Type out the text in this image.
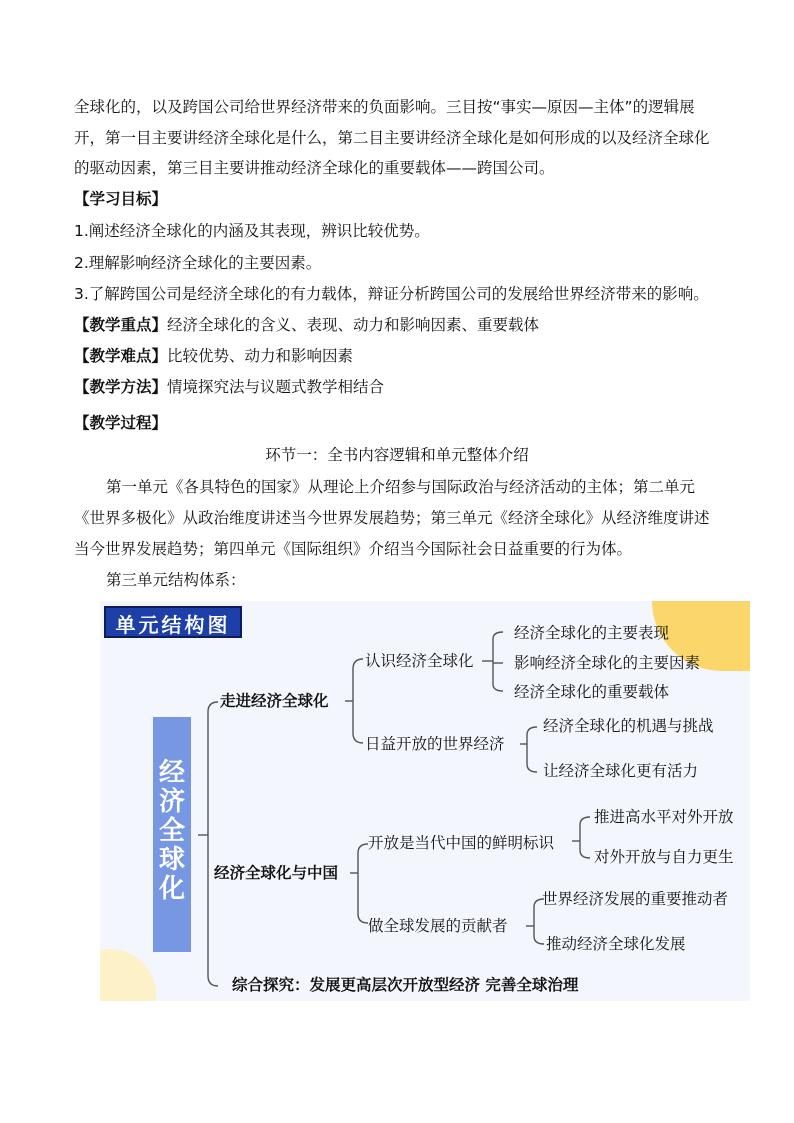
全球化的，以及跨国公司给世界经济带来的负面影响。三目按“事实—原因—主体”的逻辑展
开，第一目主要讲经济全球化是什么，第二目主要讲经济全球化是如何形成的以及经济全球化
的驱动因素，第三目主要讲推动经济全球化的重要载体——跨国公司。
【学习目标】
1.阐述经济全球化的内涵及其表现，辨识比较优势。
2.理解影响经济全球化的主要因素。
3.了解跨国公司是经济全球化的有力载体，辩证分析跨国公司的发展给世界经济带来的影响。
【教学重点】经济全球化的含义、表现、动力和影响因素、重要载体
【教学难点】比较优势、动力和影响因素
【教学方法】情境探究法与议题式教学相结合
【教学过程】
环节一：全书内容逻辑和单元整体介绍
第一单元《各具特色的国家》从理论上介绍参与国际政治与经济活动的主体；第二单元
《世界多极化》从政治维度讲述当今世界发展趋势；第三单元《经济全球化》从经济维度讲述
当今世界发展趋势；第四单元《国际组织》介绍当今国际社会日益重要的行为体。
第三单元结构体系：
单元结构图
经济全球化
走进经济全球化
认识经济全球化
经济全球化的主要表现
影响经济全球化的主要因素
经济全球化的重要载体
日益开放的世界经济
经济全球化的机遇与挑战
让经济全球化更有活力
经济全球化与中国
开放是当代中国的鲜明标识
推进高水平对外开放
对外开放与自力更生
做全球发展的贡献者
世界经济发展的重要推动者
推动经济全球化发展
综合探究：发展更高层次开放型经济 完善全球治理
